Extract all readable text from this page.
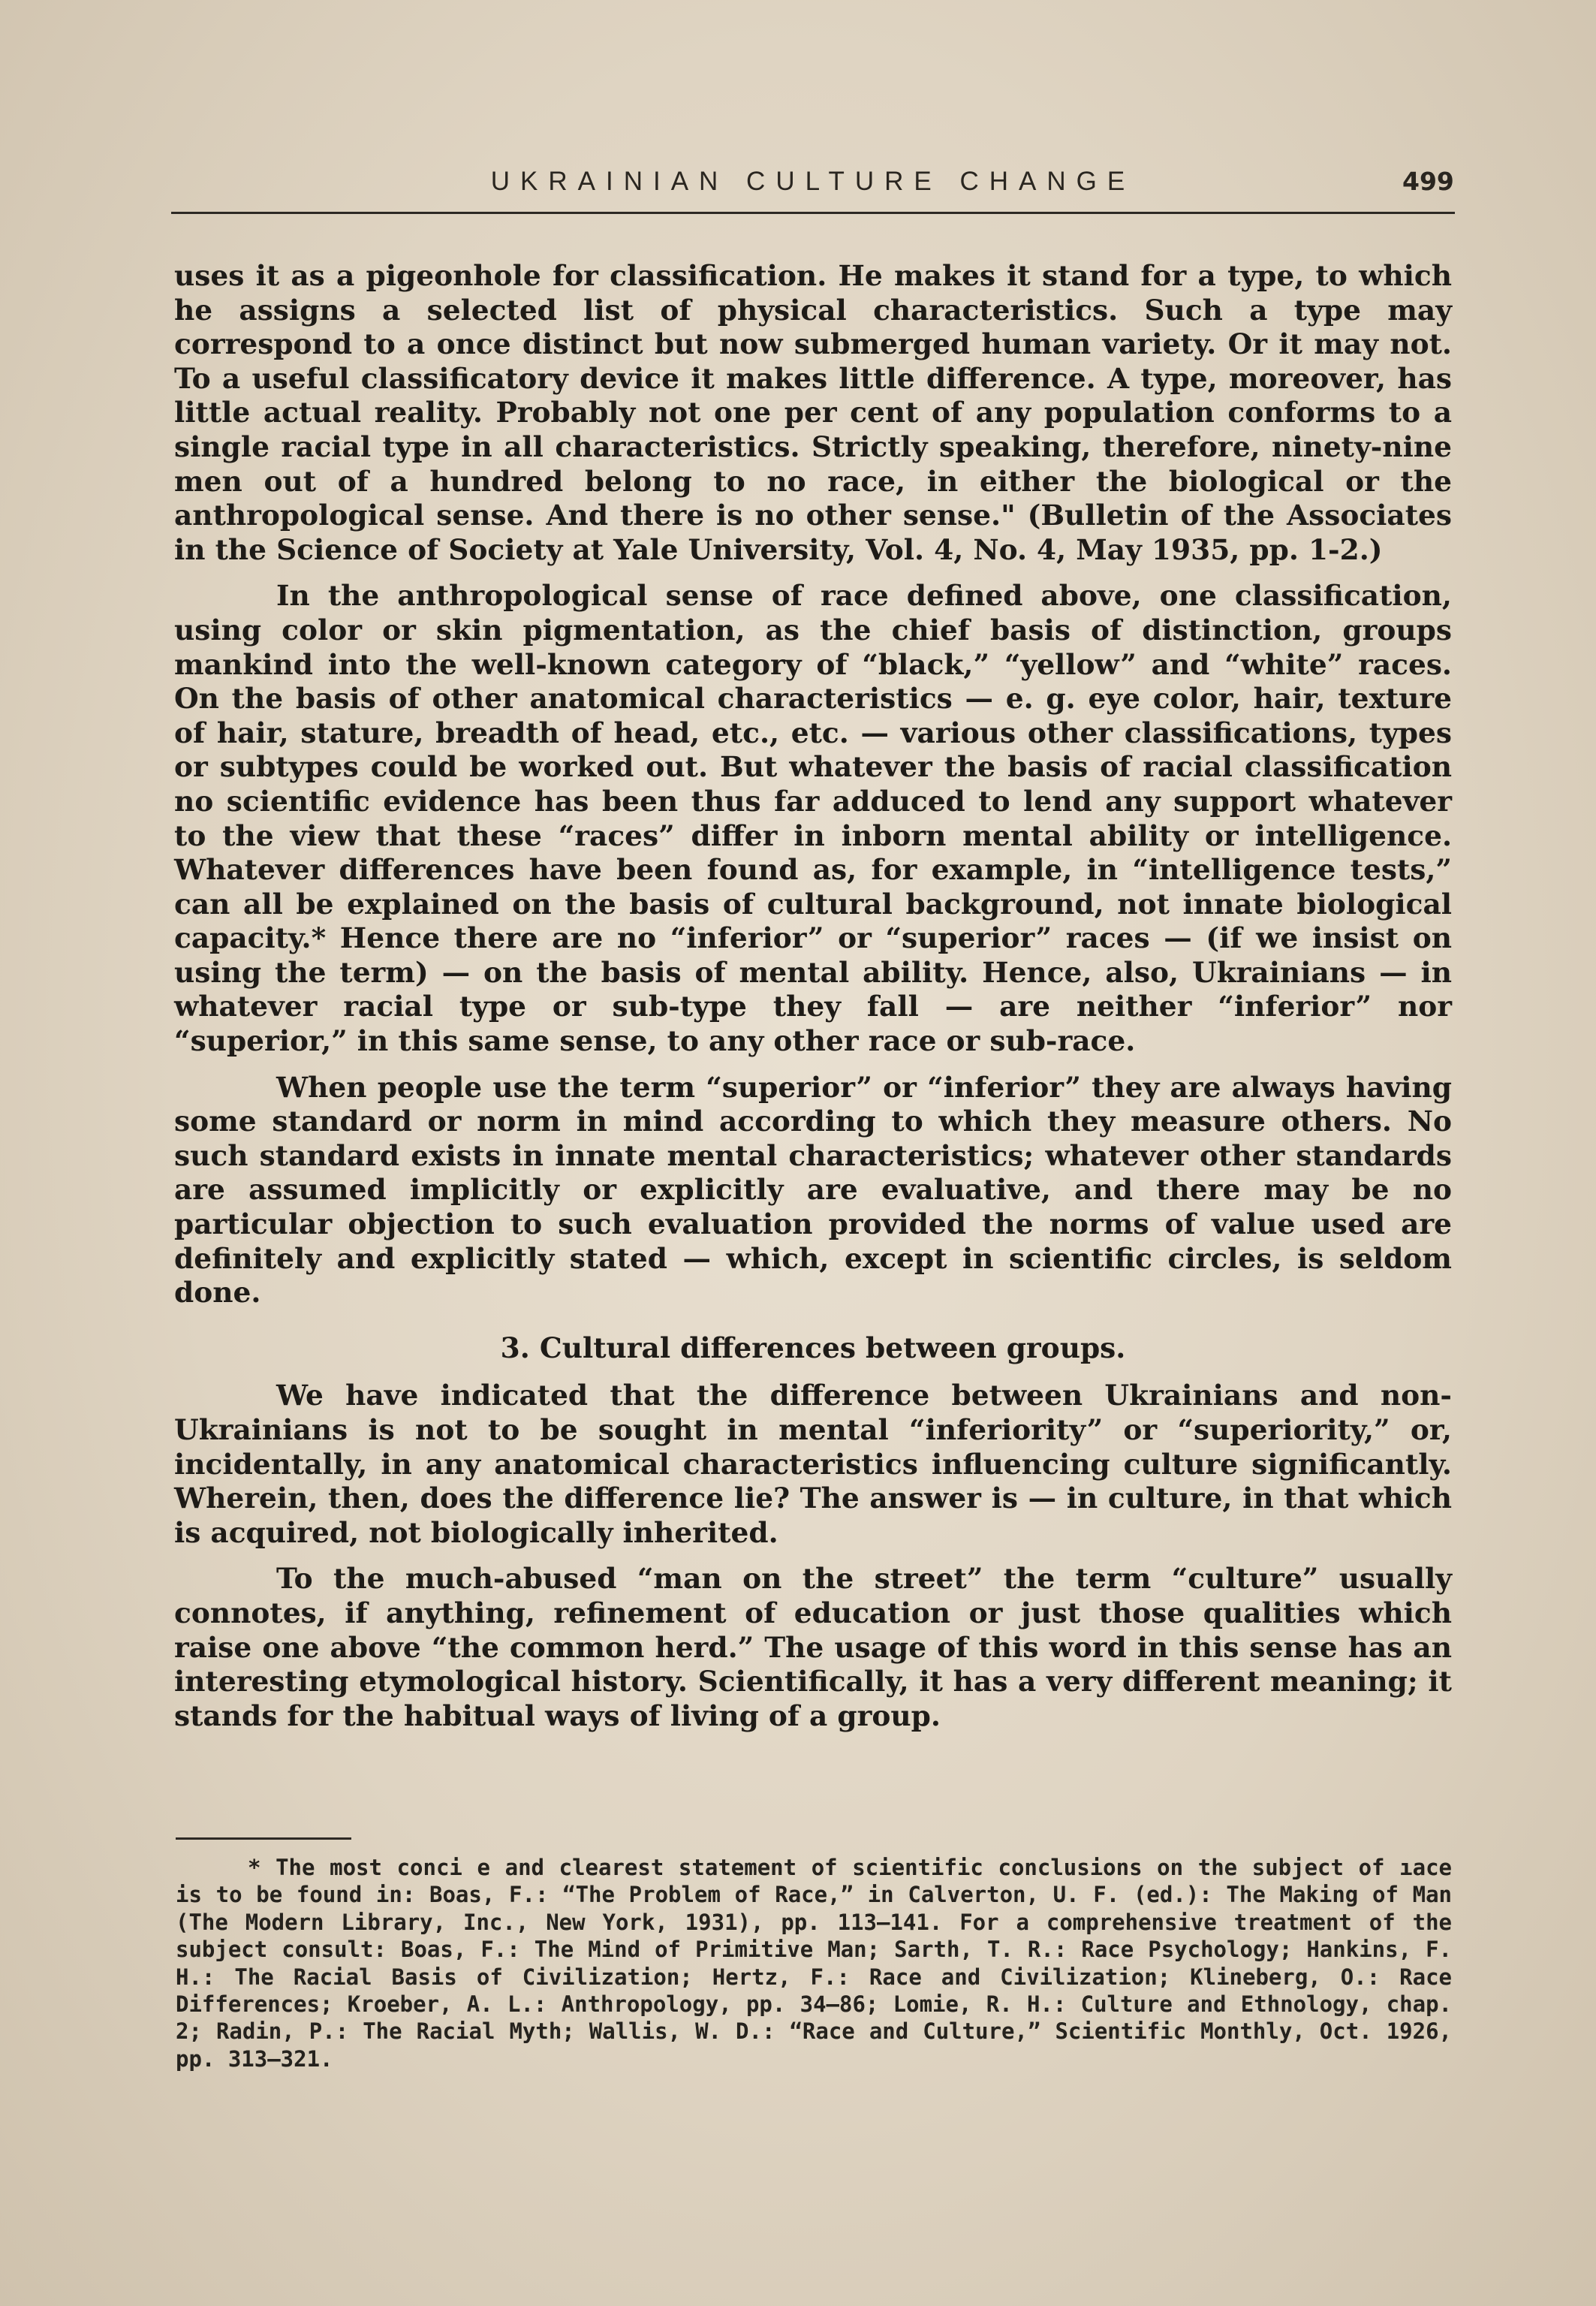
UKRAINIAN CULTURE CHANGE	499

uses it as a pigeonhole for classification. He makes it stand for a type, to which he assigns a selected list of physical characteristics. Such a type may correspond to a once distinct but now submerged human variety. Or it may not. To a useful classificatory device it makes little difference. A type, moreover, has little actual reality. Probably not one per cent of any population conforms to a single racial type in all characteristics. Strictly speaking, therefore, ninety-nine men out of a hundred belong to no race, in either the biological or the anthropological sense. And there is no other sense." (Bulletin of the Associates in the Science of Society at Yale University, Vol. 4, No. 4, May 1935, pp. 1-2.)

In the anthropological sense of race defined above, one classification, using color or skin pigmentation, as the chief basis of distinction, groups mankind into the well-known category of “black,” “yellow” and “white” races. On the basis of other anatomical characteristics — e. g. eye color, hair, texture of hair, stature, breadth of head, etc., etc. — various other classifications, types or subtypes could be worked out. But whatever the basis of racial classification no scientific evidence has been thus far adduced to lend any support whatever to the view that these “races” differ in inborn mental ability or intelligence. Whatever differences have been found as, for example, in “intelligence tests,” can all be explained on the basis of cultural background, not innate biological capacity.* Hence there are no “inferior” or “superior” races — (if we insist on using the term) — on the basis of mental ability. Hence, also, Ukrainians — in whatever racial type or sub-type they fall — are neither “inferior” nor “superior,” in this same sense, to any other race or sub-race.

When people use the term “superior” or “inferior” they are always having some standard or norm in mind according to which they measure others. No such standard exists in innate mental characteristics; whatever other standards are assumed implicitly or explicitly are evaluative, and there may be no particular objection to such evaluation provided the norms of value used are definitely and explicitly stated — which, except in scientific circles, is seldom done.

3. Cultural differences between groups.

We have indicated that the difference between Ukrainians and non-Ukrainians is not to be sought in mental “inferiority” or “superiority,” or, incidentally, in any anatomical characteristics influencing culture significantly. Wherein, then, does the difference lie? The answer is — in culture, in that which is acquired, not biologically inherited.

To the much-abused “man on the street” the term “culture” usually connotes, if anything, refinement of education or just those qualities which raise one above “the common herd.” The usage of this word in this sense has an interesting etymological history. Scientifically, it has a very different meaning; it stands for the habitual ways of living of a group.

* The most conci e and clearest statement of scientific conclusions on the subject of ıace is to be found in: Boas, F.: “The Problem of Race,” in Calverton, U. F. (ed.): The Making of Man (The Modern Library, Inc., New York, 1931), pp. 113—141. For a comprehensive treatment of the subject consult: Boas, F.: The Mind of Primitive Man; Sarth, T. R.: Race Psychology; Hankins, F. H.: The Racial Basis of Civilization; Hertz, F.: Race and Civilization; Klineberg, O.: Race Differences; Kroeber, A. L.: Anthropology, pp. 34—86; Lomie, R. H.: Culture and Ethnology, chap. 2; Radin, P.: The Racial Myth; Wallis, W. D.: “Race and Culture,” Scientific Monthly, Oct. 1926, pp. 313—321.
